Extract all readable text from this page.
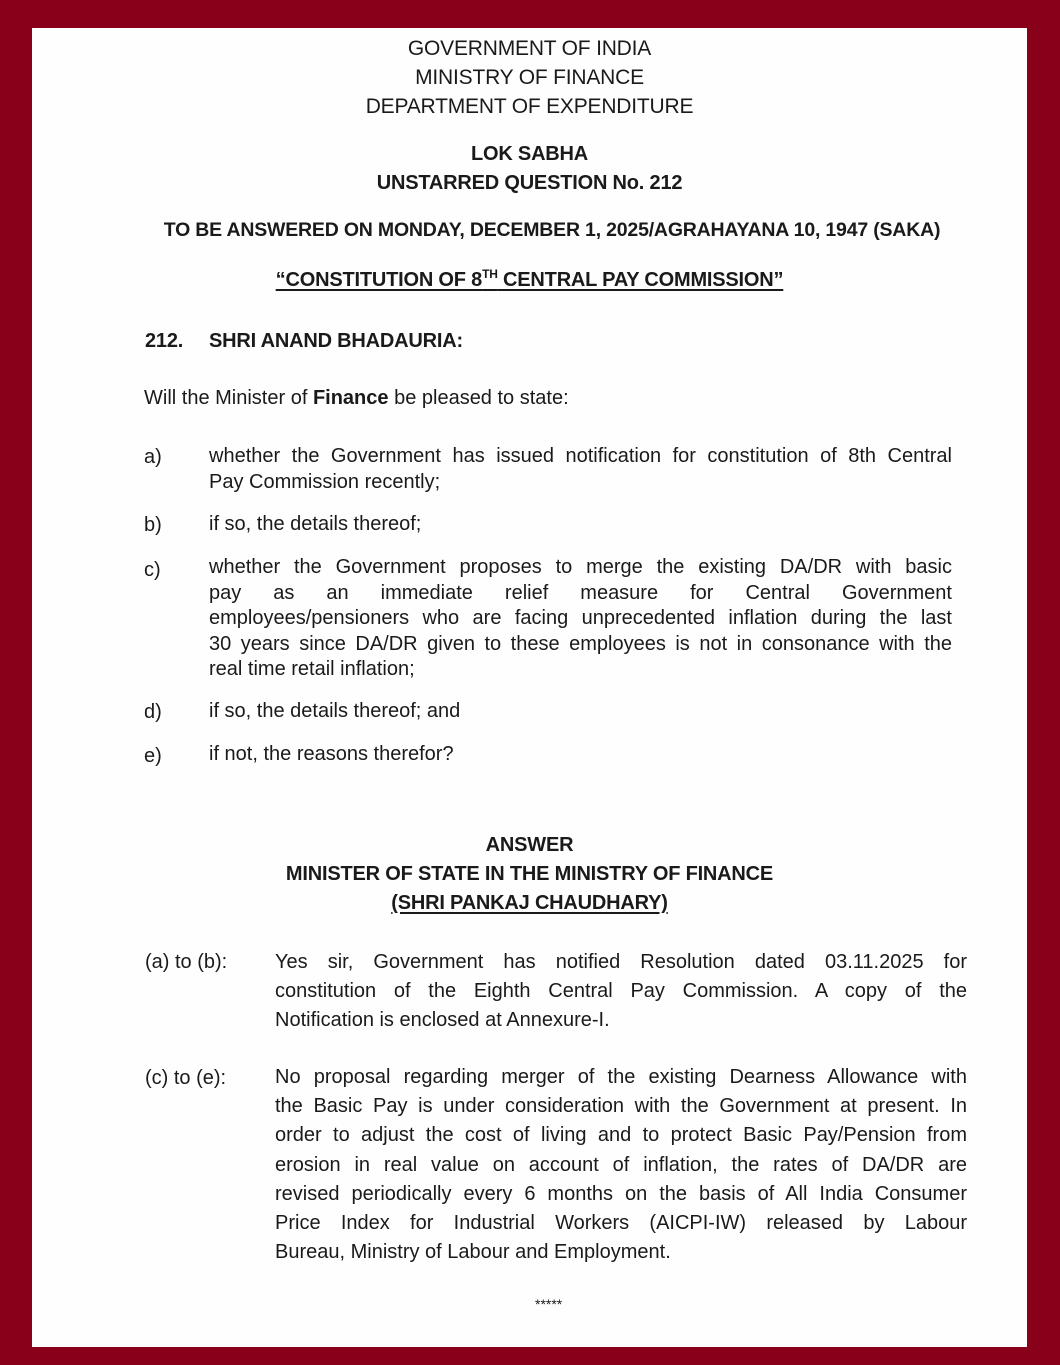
GOVERNMENT OF INDIA
MINISTRY OF FINANCE
DEPARTMENT OF EXPENDITURE
LOK SABHA
UNSTARRED QUESTION No. 212
TO BE ANSWERED ON MONDAY, DECEMBER 1, 2025/AGRAHAYANA 10, 1947 (SAKA)
“CONSTITUTION OF 8TH CENTRAL PAY COMMISSION”
212. SHRI ANAND BHADAURIA:
Will the Minister of Finance be pleased to state:
a) whether the Government has issued notification for constitution of 8th Central
Pay Commission recently;
b) if so, the details thereof;
c) whether the Government proposes to merge the existing DA/DR with basic
pay as an immediate relief measure for Central Government
employees/pensioners who are facing unprecedented inflation during the last
30 years since DA/DR given to these employees is not in consonance with the
real time retail inflation;
d) if so, the details thereof; and
e) if not, the reasons therefor?
ANSWER
MINISTER OF STATE IN THE MINISTRY OF FINANCE
(SHRI PANKAJ CHAUDHARY)
(a) to (b): Yes sir, Government has notified Resolution dated 03.11.2025 for
constitution of the Eighth Central Pay Commission. A copy of the
Notification is enclosed at Annexure-I.
(c) to (e): No proposal regarding merger of the existing Dearness Allowance with
the Basic Pay is under consideration with the Government at present. In
order to adjust the cost of living and to protect Basic Pay/Pension from
erosion in real value on account of inflation, the rates of DA/DR are
revised periodically every 6 months on the basis of All India Consumer
Price Index for Industrial Workers (AICPI-IW) released by Labour
Bureau, Ministry of Labour and Employment.
*****
